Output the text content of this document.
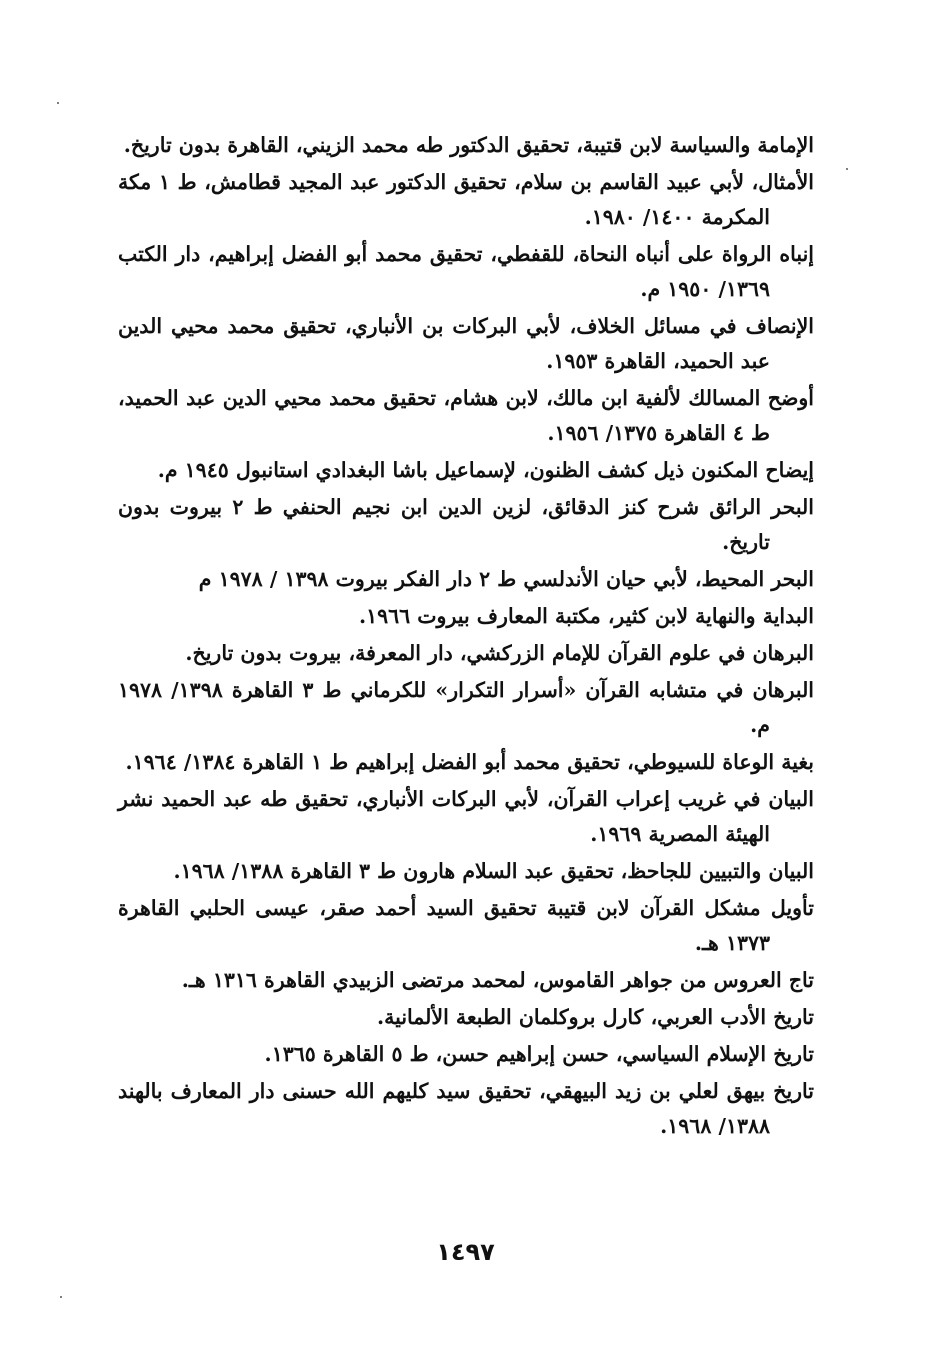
الإمامة والسياسة لابن قتيبة، تحقيق الدكتور طه محمد الزيني، القاهرة بدون تاريخ.

الأمثال، لأبي عبيد القاسم بن سلام، تحقيق الدكتور عبد المجيد قطامش، ط ١ مكة المكرمة ١٤٠٠/ ١٩٨٠.

إنباه الرواة على أنباه النحاة، للقفطي، تحقيق محمد أبو الفضل إبراهيم، دار الكتب ١٣٦٩/ ١٩٥٠ م.

الإنصاف في مسائل الخلاف، لأبي البركات بن الأنباري، تحقيق محمد محيي الدين عبد الحميد، القاهرة ١٩٥٣.

أوضح المسالك لألفية ابن مالك، لابن هشام، تحقيق محمد محيي الدين عبد الحميد، ط ٤ القاهرة ١٣٧٥/ ١٩٥٦.

إيضاح المكنون ذيل كشف الظنون، لإسماعيل باشا البغدادي استانبول ١٩٤٥ م.

البحر الرائق شرح كنز الدقائق، لزين الدين ابن نجيم الحنفي ط ٢ بيروت بدون تاريخ.

البحر المحيط، لأبي حيان الأندلسي ط ٢ دار الفكر بيروت ١٣٩٨ / ١٩٧٨ م

البداية والنهاية لابن كثير، مكتبة المعارف بيروت ١٩٦٦.

البرهان في علوم القرآن للإمام الزركشي، دار المعرفة، بيروت بدون تاريخ.

البرهان في متشابه القرآن «أسرار التكرار» للكرماني ط ٣ القاهرة ١٣٩٨/ ١٩٧٨ م.

بغية الوعاة للسيوطي، تحقيق محمد أبو الفضل إبراهيم ط ١ القاهرة ١٣٨٤/ ١٩٦٤.

البيان في غريب إعراب القرآن، لأبي البركات الأنباري، تحقيق طه عبد الحميد نشر الهيئة المصرية ١٩٦٩.

البيان والتبيين للجاحظ، تحقيق عبد السلام هارون ط ٣ القاهرة ١٣٨٨/ ١٩٦٨.

تأويل مشكل القرآن لابن قتيبة تحقيق السيد أحمد صقر، عيسى الحلبي القاهرة ١٣٧٣ هـ.

تاج العروس من جواهر القاموس، لمحمد مرتضى الزبيدي القاهرة ١٣١٦ هـ.

تاريخ الأدب العربي، كارل بروكلمان الطبعة الألمانية.

تاريخ الإسلام السياسي، حسن إبراهيم حسن، ط ٥ القاهرة ١٣٦٥.

تاريخ بيهق لعلي بن زيد البيهقي، تحقيق سيد كليهم الله حسنى دار المعارف بالهند ١٣٨٨/ ١٩٦٨.

١٤٩٧
